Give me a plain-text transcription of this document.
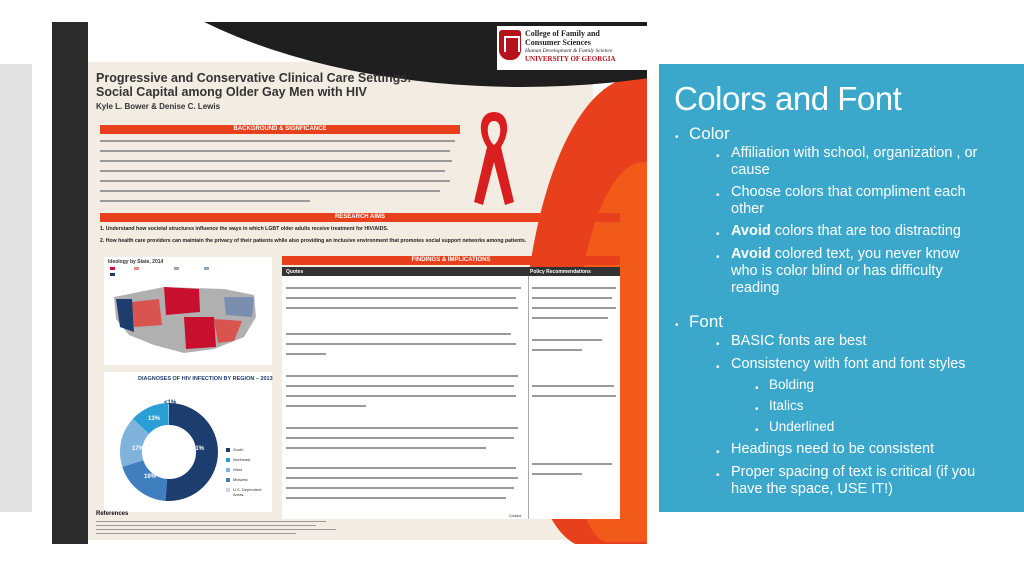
College of Family and
Consumer Sciences
Human Development & Family Science
UNIVERSITY OF GEORGIA
Progressive and Conservative Clinical Care Settings:
Social Capital among Older Gay Men with HIV
Kyle L. Bower & Denise C. Lewis
BACKGROUND & SIGNFICANCE
RESEARCH AIMS
1. Understand how societal structures influence the ways in which LGBT older adults receive treatment for HIV/AIDS.
2. How health care providers can maintain the privacy of their patients while also providing an inclusive environment that promotes social support networks among patients.
FINDINGS & IMPLICATIONS
Ideology by State, 2014
DIAGNOSES OF HIV INFECTION BY REGION – 2013
<1%
13%
17%	51%
19%
South
Northeast
West
Midwest
U.S. Dependent Areas
Quotes	Policy Recommendations
References	Contact:
Colors and Font
• Color
• Affiliation with school, organization , or
cause
• Choose colors that compliment each
other
• Avoid colors that are too distracting
• Avoid colored text, you never know
who is color blind or has difficulty
reading
• Font
• BASIC fonts are best
• Consistency with font and font styles
• Bolding
• Italics
• Underlined
• Headings need to be consistent
• Proper spacing of text is critical (if you
have the space, USE IT!)
